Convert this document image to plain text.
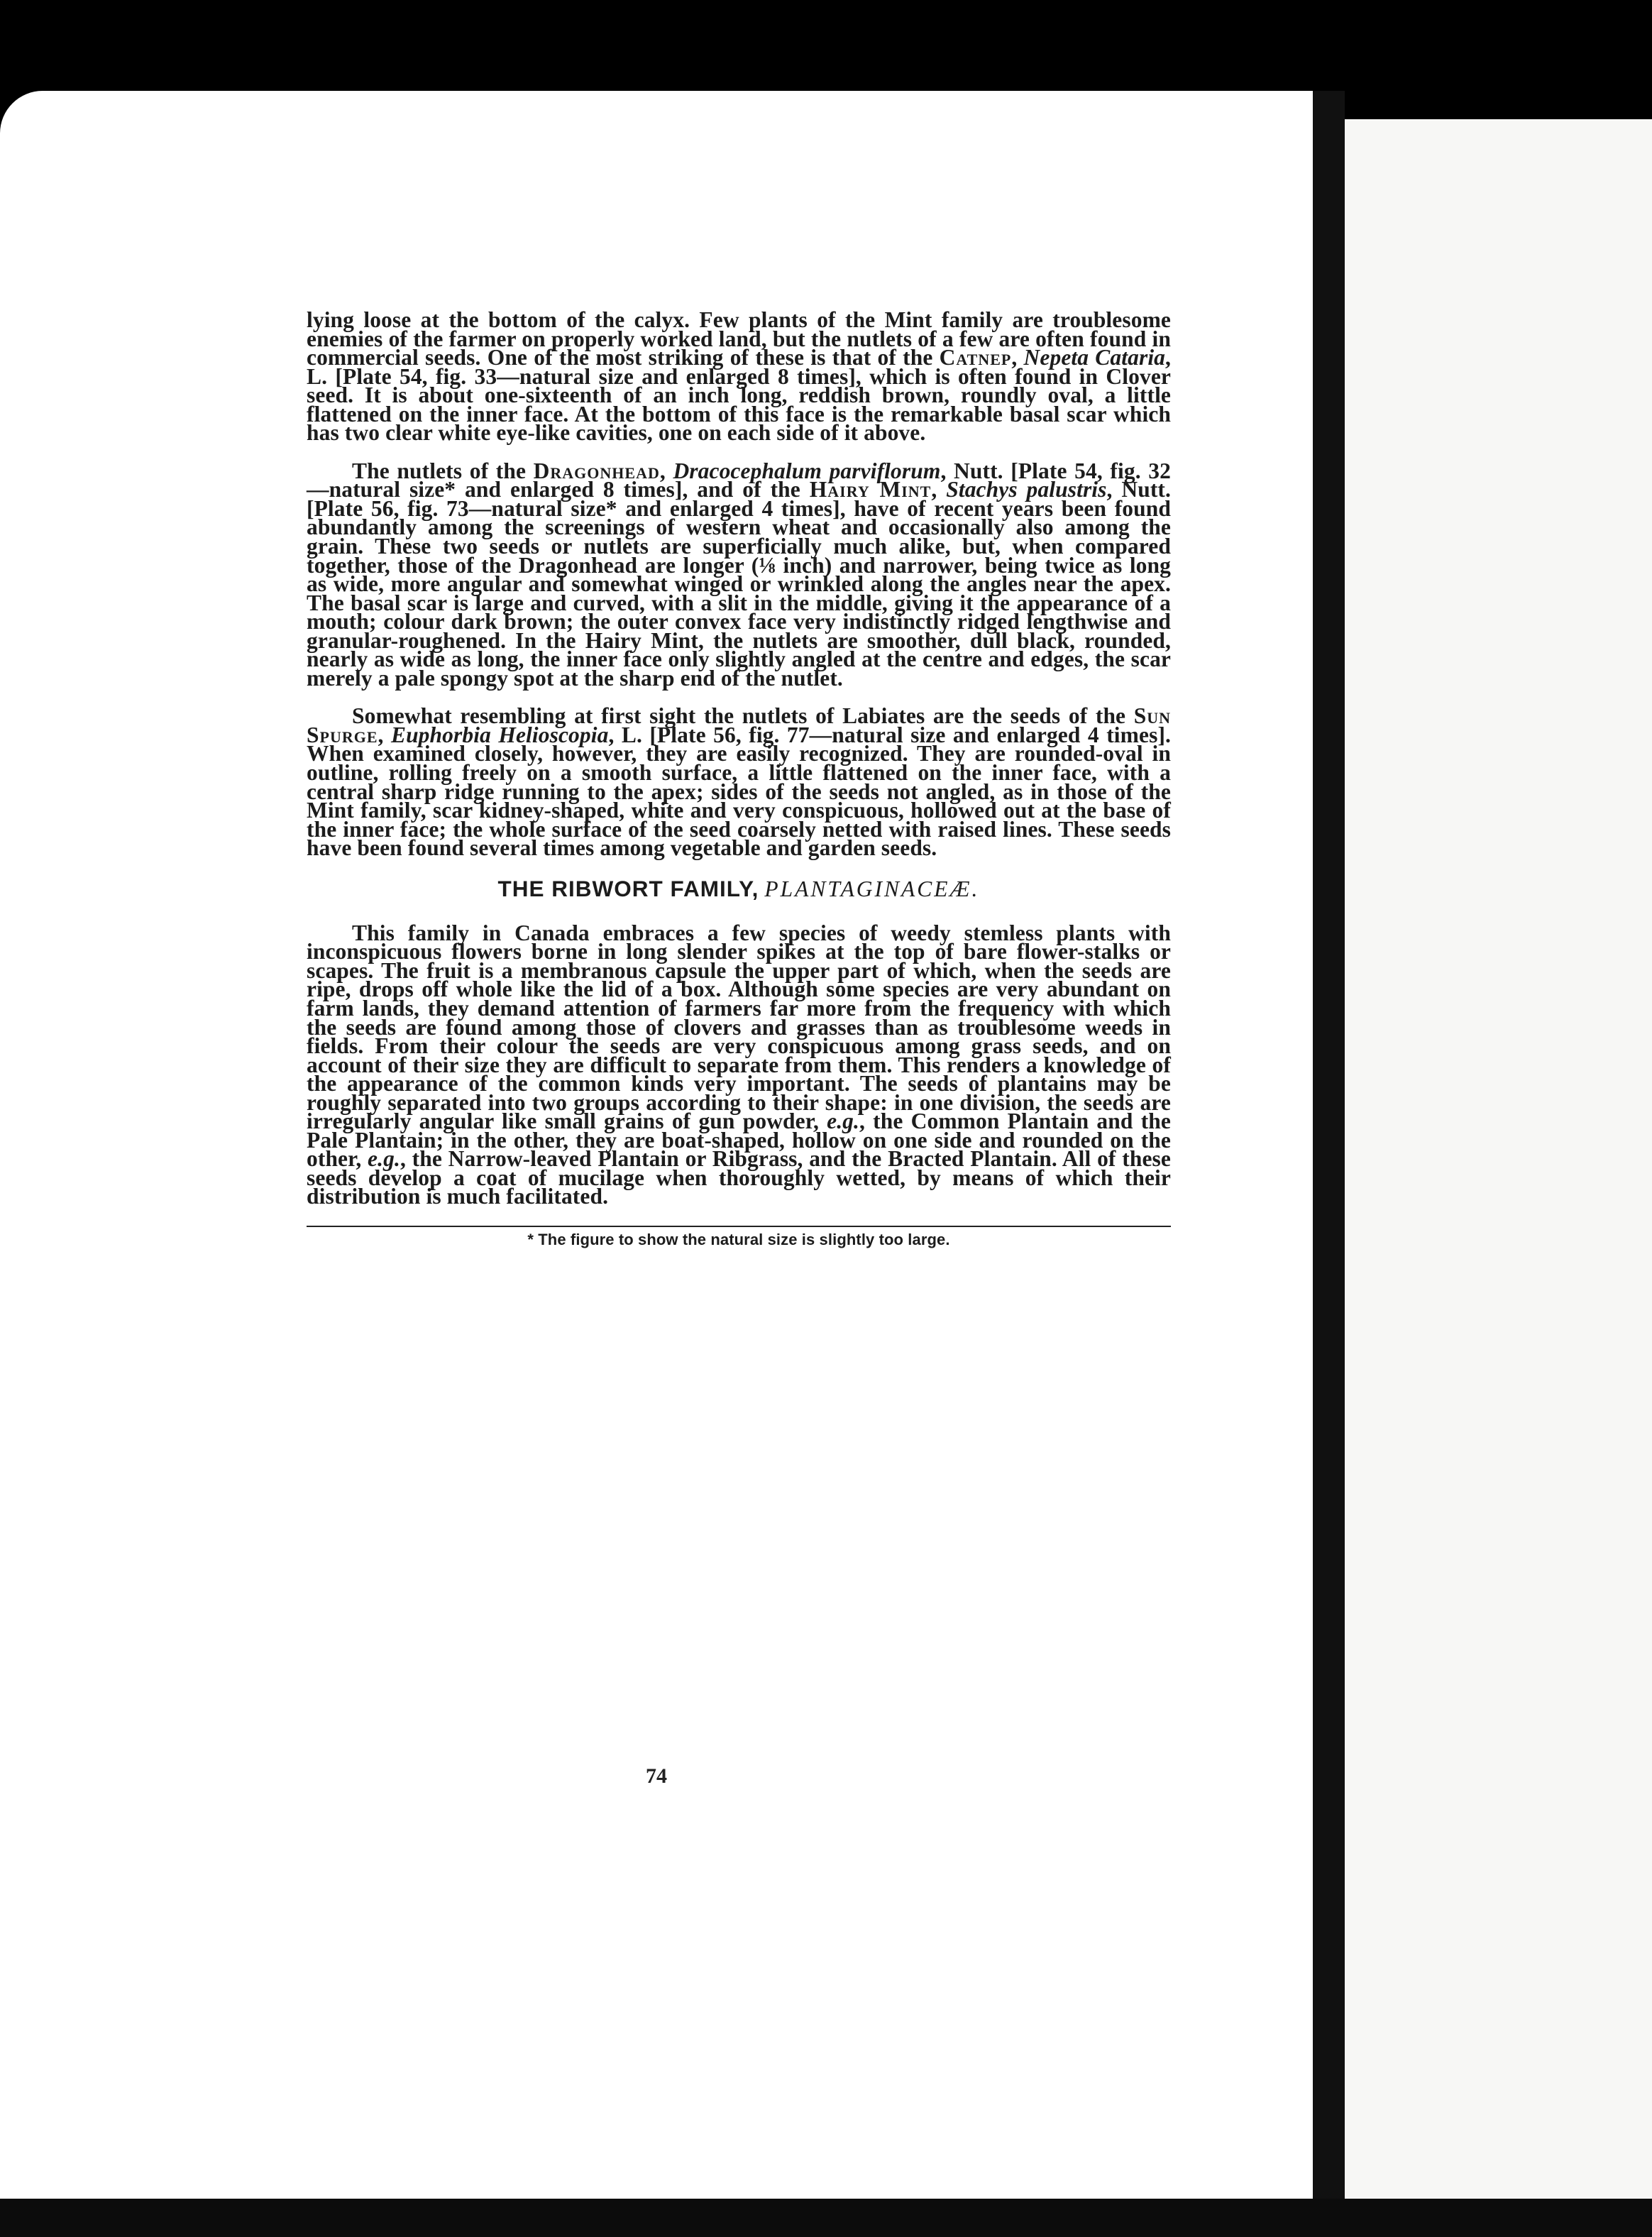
lying loose at the bottom of the calyx. Few plants of the Mint family are troublesome enemies of the farmer on properly worked land, but the nutlets of a few are often found in commercial seeds. One of the most striking of these is that of the Catnep, Nepeta Cataria, L. [Plate 54, fig. 33—natural size and enlarged 8 times], which is often found in Clover seed. It is about one-sixteenth of an inch long, reddish brown, roundly oval, a little flattened on the inner face. At the bottom of this face is the remarkable basal scar which has two clear white eye-like cavities, one on each side of it above.

The nutlets of the Dragonhead, Dracocephalum parviflorum, Nutt. [Plate 54, fig. 32—natural size* and enlarged 8 times], and of the Hairy Mint, Stachys palustris, Nutt. [Plate 56, fig. 73—natural size* and enlarged 4 times], have of recent years been found abundantly among the screenings of western wheat and occasionally also among the grain. These two seeds or nutlets are superficially much alike, but, when compared together, those of the Dragonhead are longer (⅛ inch) and narrower, being twice as long as wide, more angular and somewhat winged or wrinkled along the angles near the apex. The basal scar is large and curved, with a slit in the middle, giving it the appearance of a mouth; colour dark brown; the outer convex face very indistinctly ridged lengthwise and granular-roughened. In the Hairy Mint, the nutlets are smoother, dull black, rounded, nearly as wide as long, the inner face only slightly angled at the centre and edges, the scar merely a pale spongy spot at the sharp end of the nutlet.

Somewhat resembling at first sight the nutlets of Labiates are the seeds of the Sun Spurge, Euphorbia Helioscopia, L. [Plate 56, fig. 77—natural size and enlarged 4 times]. When examined closely, however, they are easily recognized. They are rounded-oval in outline, rolling freely on a smooth surface, a little flattened on the inner face, with a central sharp ridge running to the apex; sides of the seeds not angled, as in those of the Mint family, scar kidney-shaped, white and very conspicuous, hollowed out at the base of the inner face; the whole surface of the seed coarsely netted with raised lines. These seeds have been found several times among vegetable and garden seeds.

THE RIBWORT FAMILY, PLANTAGINACEÆ.

This family in Canada embraces a few species of weedy stemless plants with inconspicuous flowers borne in long slender spikes at the top of bare flower-stalks or scapes. The fruit is a membranous capsule the upper part of which, when the seeds are ripe, drops off whole like the lid of a box. Although some species are very abundant on farm lands, they demand attention of farmers far more from the frequency with which the seeds are found among those of clovers and grasses than as troublesome weeds in fields. From their colour the seeds are very conspicuous among grass seeds, and on account of their size they are difficult to separate from them. This renders a knowledge of the appearance of the common kinds very important. The seeds of plantains may be roughly separated into two groups according to their shape: in one division, the seeds are irregularly angular like small grains of gun powder, e.g., the Common Plantain and the Pale Plantain; in the other, they are boat-shaped, hollow on one side and rounded on the other, e.g., the Narrow-leaved Plantain or Ribgrass, and the Bracted Plantain. All of these seeds develop a coat of mucilage when thoroughly wetted, by means of which their distribution is much facilitated.

* The figure to show the natural size is slightly too large.

74
